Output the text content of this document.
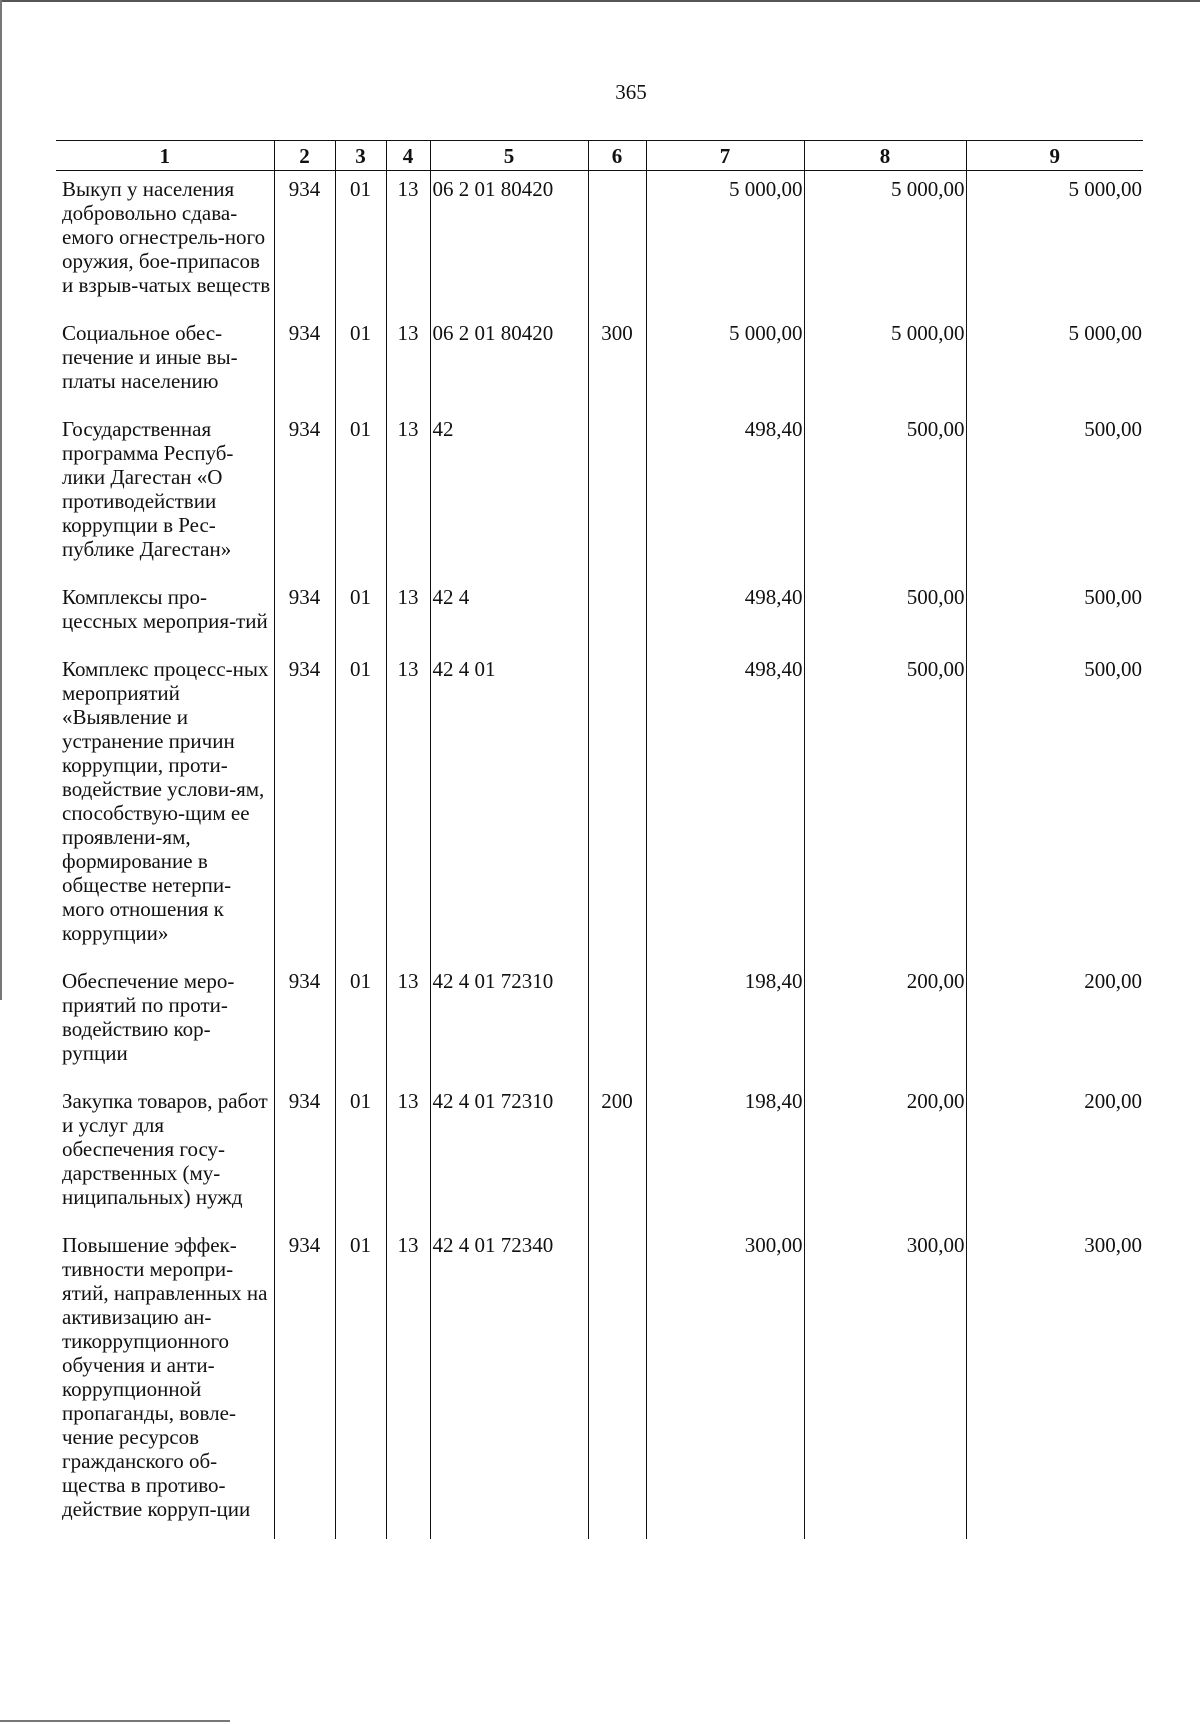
365
1	2	3	4	5	6	7	8	9
Выкуп у населения добровольно сдава-емого огнестрель-ного оружия, бое-припасов и взрыв-чатых веществ	934	01	13	06 2 01 80420		5 000,00	5 000,00	5 000,00
Социальное обес-печение и иные вы-платы населению	934	01	13	06 2 01 80420	300	5 000,00	5 000,00	5 000,00
Государственная программа Респуб-лики Дагестан «О противодействии коррупции в Рес-публике Дагестан»	934	01	13	42		498,40	500,00	500,00
Комплексы про-цессных мероприя-тий	934	01	13	42 4		498,40	500,00	500,00
Комплекс процесс-ных мероприятий «Выявление и устранение причин коррупции, проти-водействие услови-ям, способствую-щим ее проявлени-ям, формирование в обществе нетерпи-мого отношения к коррупции»	934	01	13	42 4 01		498,40	500,00	500,00
Обеспечение меро-приятий по проти-водействию кор-рупции	934	01	13	42 4 01 72310		198,40	200,00	200,00
Закупка товаров, работ и услуг для обеспечения госу-дарственных (му-ниципальных) нужд	934	01	13	42 4 01 72310	200	198,40	200,00	200,00
Повышение эффек-тивности меропри-ятий, направленных на активизацию ан-тикоррупционного обучения и анти-коррупционной пропаганды, вовле-чение ресурсов гражданского об-щества в противо-действие корруп-ции	934	01	13	42 4 01 72340		300,00	300,00	300,00
